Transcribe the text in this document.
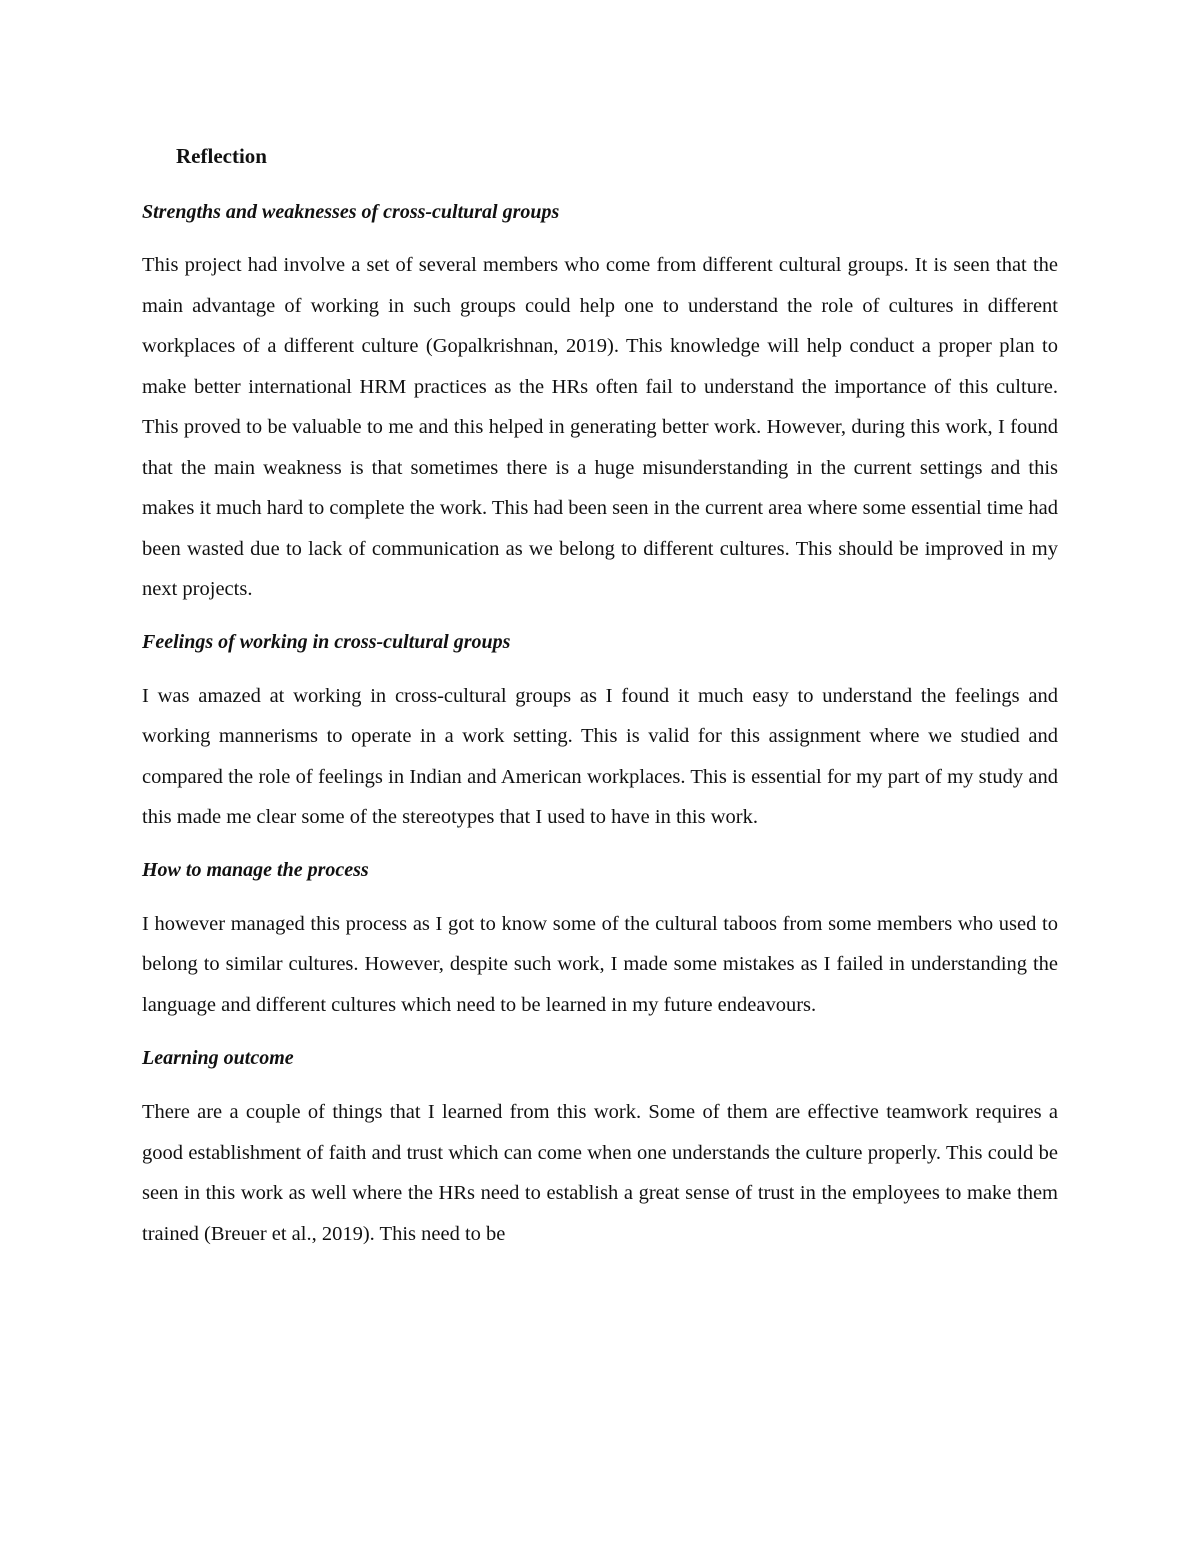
Reflection
Strengths and weaknesses of cross-cultural groups

This project had involve a set of several members who come from different cultural groups. It is seen that the main advantage of working in such groups could help one to understand the role of cultures in different workplaces of a different culture (Gopalkrishnan, 2019). This knowledge will help conduct a proper plan to make better international HRM practices as the HRs often fail to understand the importance of this culture. This proved to be valuable to me and this helped in generating better work. However, during this work, I found that the main weakness is that sometimes there is a huge misunderstanding in the current settings and this makes it much hard to complete the work. This had been seen in the current area where some essential time had been wasted due to lack of communication as we belong to different cultures. This should be improved in my next projects.

Feelings of working in cross-cultural groups

I was amazed at working in cross-cultural groups as I found it much easy to understand the feelings and working mannerisms to operate in a work setting. This is valid for this assignment where we studied and compared the role of feelings in Indian and American workplaces. This is essential for my part of my study and this made me clear some of the stereotypes that I used to have in this work.

How to manage the process

I however managed this process as I got to know some of the cultural taboos from some members who used to belong to similar cultures. However, despite such work, I made some mistakes as I failed in understanding the language and different cultures which need to be learned in my future endeavours.

Learning outcome

There are a couple of things that I learned from this work. Some of them are effective teamwork requires a good establishment of faith and trust which can come when one understands the culture properly. This could be seen in this work as well where the HRs need to establish a great sense of trust in the employees to make them trained (Breuer et al., 2019). This need to be
